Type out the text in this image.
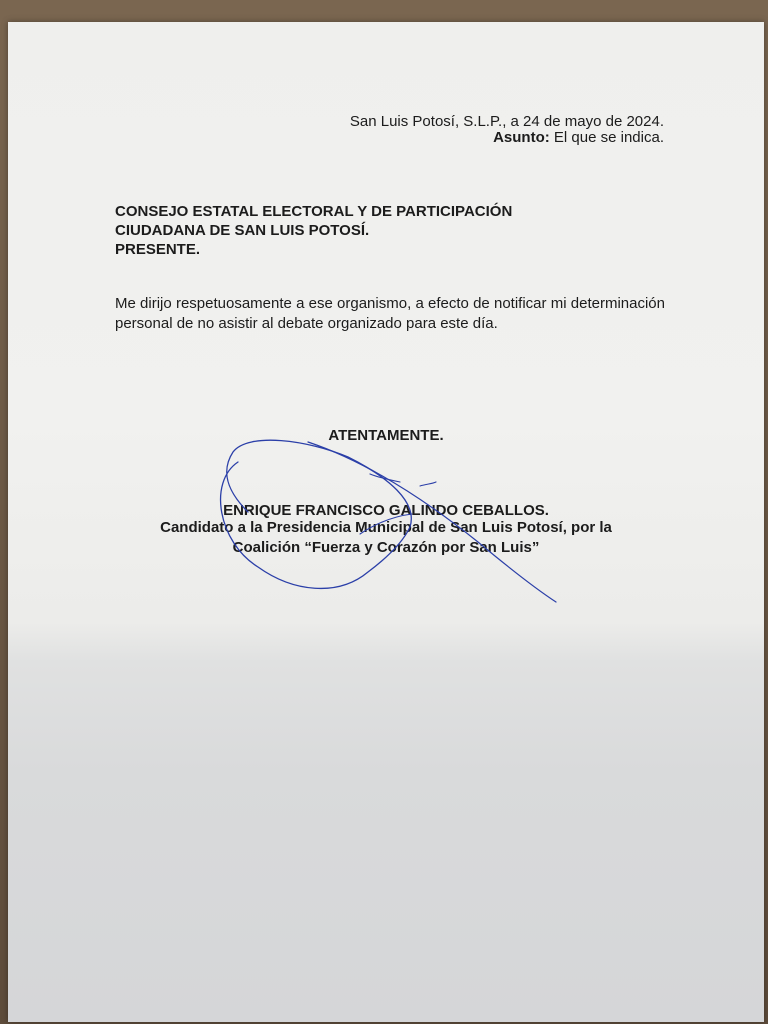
San Luis Potosí, S.L.P., a 24 de mayo de 2024.
Asunto: El que se indica.
CONSEJO ESTATAL ELECTORAL Y DE PARTICIPACIÓN
CIUDADANA DE SAN LUIS POTOSÍ.
PRESENTE.
Me dirijo respetuosamente a ese organismo, a efecto de notificar mi determinación personal de no asistir al debate organizado para este día.
ATENTAMENTE.
ENRIQUE FRANCISCO GALINDO CEBALLOS.
Candidato a la Presidencia Municipal de San Luis Potosí, por la
Coalición “Fuerza y Corazón por San Luis”
